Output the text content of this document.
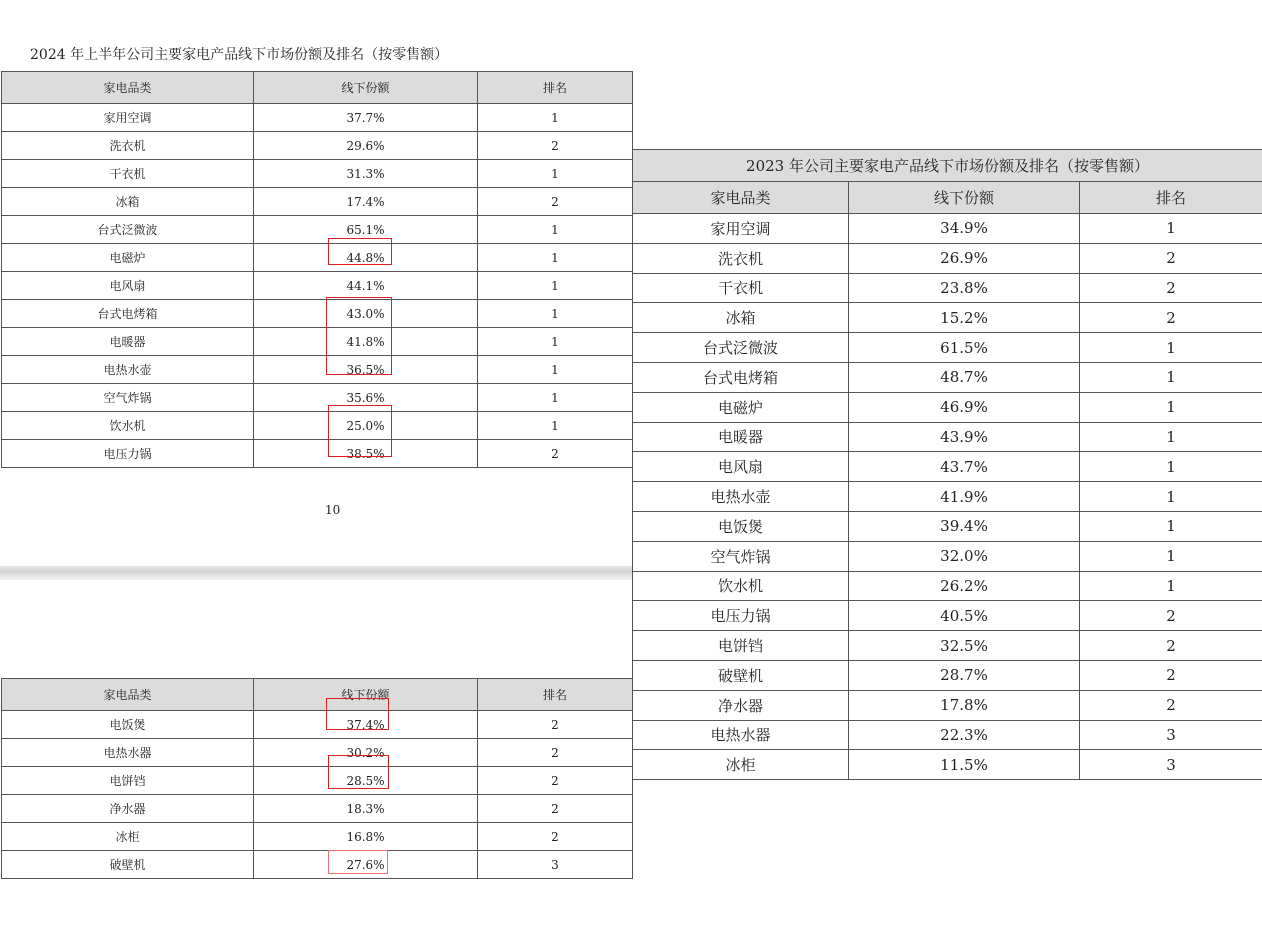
2024 年上半年公司主要家电产品线下市场份额及排名（按零售额）
家电品类	线下份额	排名
家用空调	37.7%	1
洗衣机	29.6%	2
干衣机	31.3%	1
冰箱	17.4%	2
台式泛微波	65.1%	1
电磁炉	44.8%	1
电风扇	44.1%	1
台式电烤箱	43.0%	1
电暖器	41.8%	1
电热水壶	36.5%	1
空气炸锅	35.6%	1
饮水机	25.0%	1
电压力锅	38.5%	2
10
家电品类	线下份额	排名
电饭煲	37.4%	2
电热水器	30.2%	2
电饼铛	28.5%	2
净水器	18.3%	2
冰柜	16.8%	2
破壁机	27.6%	3
2023 年公司主要家电产品线下市场份额及排名（按零售额）		
家电品类	线下份额	排名
家用空调	34.9%	1
洗衣机	26.9%	2
干衣机	23.8%	2
冰箱	15.2%	2
台式泛微波	61.5%	1
台式电烤箱	48.7%	1
电磁炉	46.9%	1
电暖器	43.9%	1
电风扇	43.7%	1
电热水壶	41.9%	1
电饭煲	39.4%	1
空气炸锅	32.0%	1
饮水机	26.2%	1
电压力锅	40.5%	2
电饼铛	32.5%	2
破壁机	28.7%	2
净水器	17.8%	2
电热水器	22.3%	3
冰柜	11.5%	3
